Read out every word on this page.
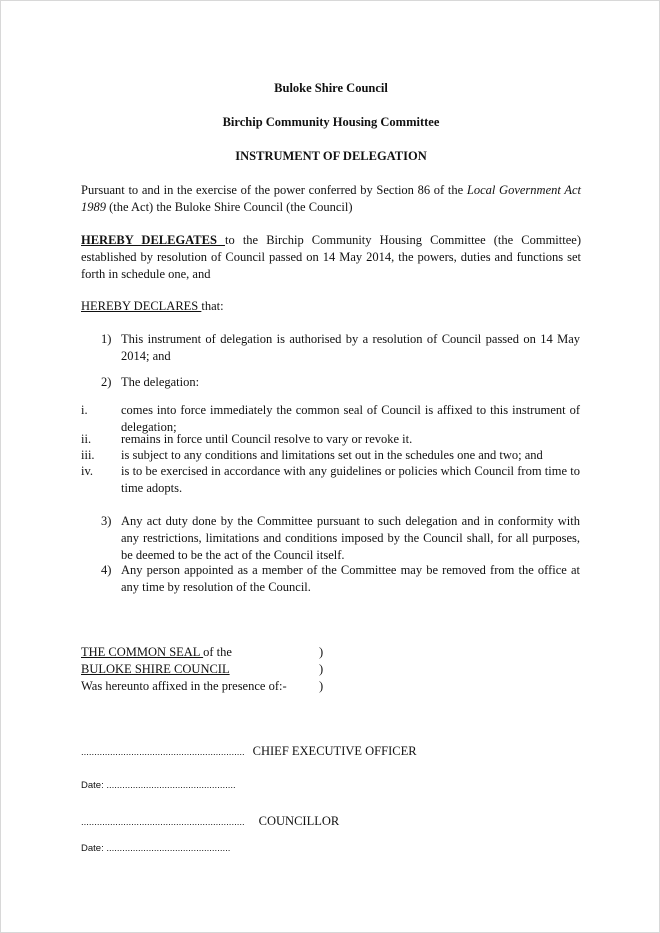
Buloke Shire Council
Birchip Community Housing Committee
INSTRUMENT OF DELEGATION
Pursuant to and in the exercise of the power conferred by Section 86 of the Local Government Act 1989 (the Act) the Buloke Shire Council (the Council)
HEREBY DELEGATES to the Birchip Community Housing Committee (the Committee) established by resolution of Council passed on 14 May 2014, the powers, duties and functions set forth in schedule one, and
HEREBY DECLARES that:
1) This instrument of delegation is authorised by a resolution of Council passed on 14 May 2014; and
2) The delegation:
i.	comes into force immediately the common seal of Council is affixed to this instrument of delegation;
ii. remains in force until Council resolve to vary or revoke it.
iii. is subject to any conditions and limitations set out in the schedules one and two; and
iv. is to be exercised in accordance with any guidelines or policies which Council from time to time adopts.
3) Any act duty done by the Committee pursuant to such delegation and in conformity with any restrictions, limitations and conditions imposed by the Council shall, for all purposes, be deemed to be the act of the Council itself.
4) Any person appointed as a member of the Committee may be removed from the office at any time by resolution of the Council.
THE COMMON SEAL of the	)
BULOKE SHIRE COUNCIL	)
Was hereunto affixed in the presence of:-	)
.............................................................. CHIEF EXECUTIVE OFFICER
Date: .................................................
.............................................................. COUNCILLOR
Date: ...............................................
